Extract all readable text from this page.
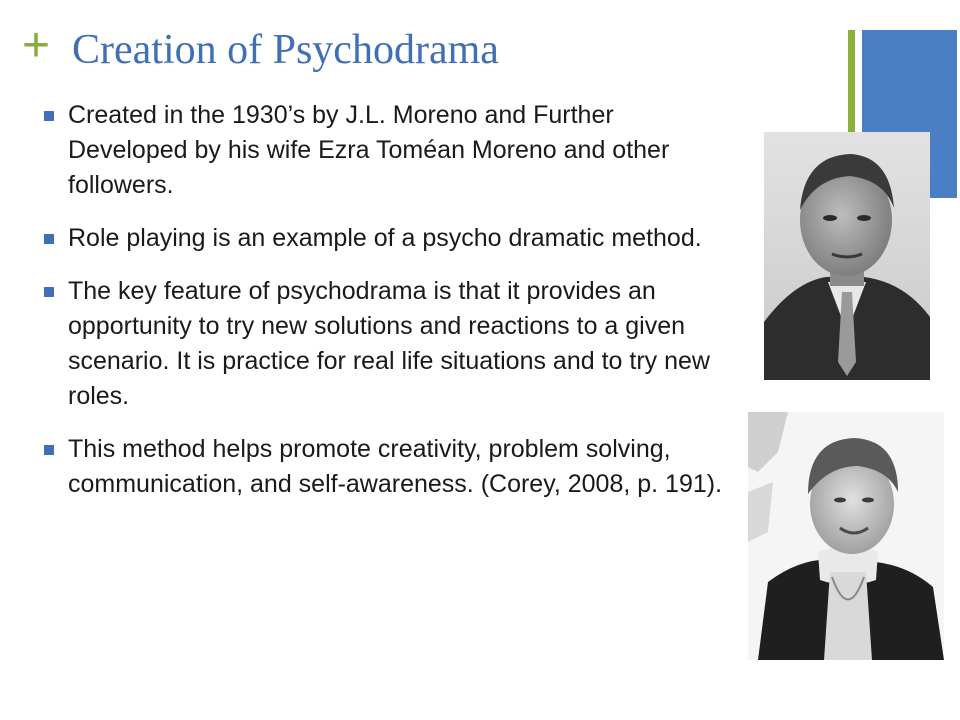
+ Creation of Psychodrama
Created in the 1930’s by J.L. Moreno and Further Developed by his wife Ezra Toméan Moreno and other followers.
Role playing is an example of a psycho dramatic method.
The key feature of psychodrama is that it provides an opportunity to try new solutions and reactions to a given scenario. It is practice for real life situations and to try new roles.
This method helps promote creativity, problem solving, communication, and self-awareness. (Corey, 2008, p. 191).
